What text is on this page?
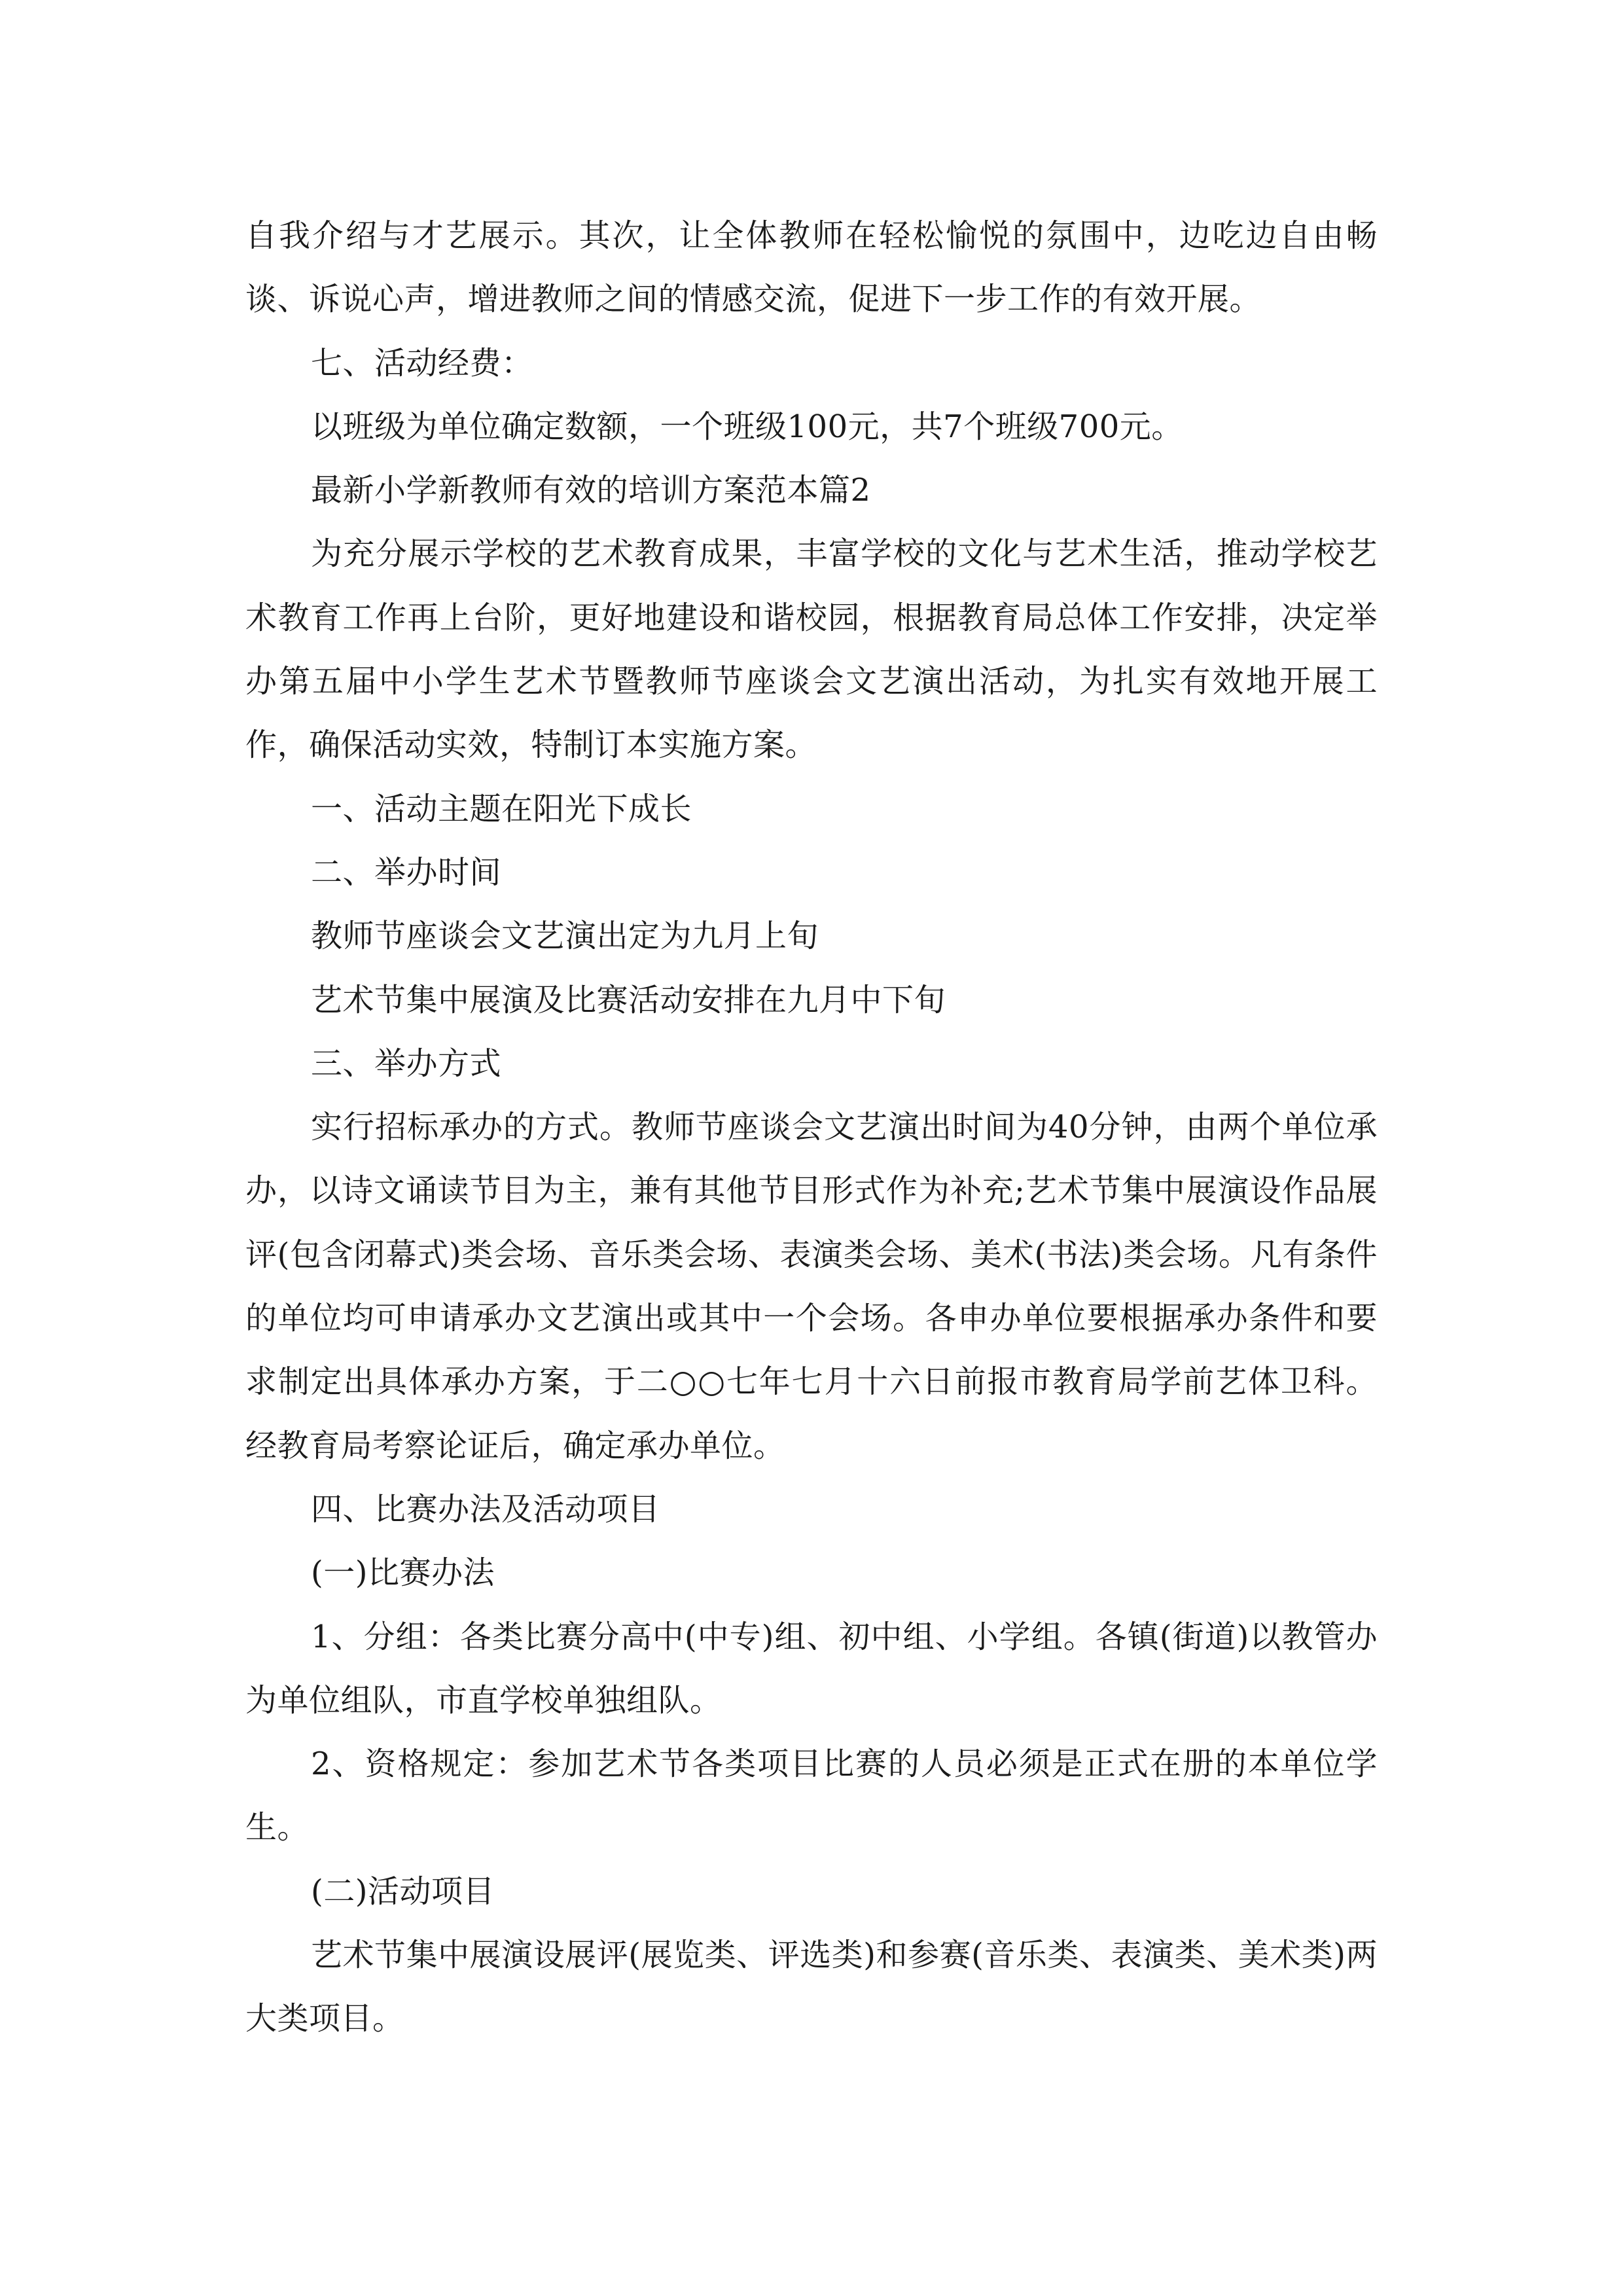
自我介绍与才艺展示。其次，让全体教师在轻松愉悦的氛围中，边吃边自由畅谈、诉说心声，增进教师之间的情感交流，促进下一步工作的有效开展。

七、活动经费：

以班级为单位确定数额，一个班级100元，共7个班级700元。

最新小学新教师有效的培训方案范本篇2

为充分展示学校的艺术教育成果，丰富学校的文化与艺术生活，推动学校艺术教育工作再上台阶，更好地建设和谐校园，根据教育局总体工作安排，决定举办第五届中小学生艺术节暨教师节座谈会文艺演出活动，为扎实有效地开展工作，确保活动实效，特制订本实施方案。

一、活动主题在阳光下成长

二、举办时间

教师节座谈会文艺演出定为九月上旬

艺术节集中展演及比赛活动安排在九月中下旬

三、举办方式

实行招标承办的方式。教师节座谈会文艺演出时间为40分钟，由两个单位承办，以诗文诵读节目为主，兼有其他节目形式作为补充;艺术节集中展演设作品展评(包含闭幕式)类会场、音乐类会场、表演类会场、美术(书法)类会场。凡有条件的单位均可申请承办文艺演出或其中一个会场。各申办单位要根据承办条件和要求制定出具体承办方案，于二○○七年七月十六日前报市教育局学前艺体卫科。经教育局考察论证后，确定承办单位。

四、比赛办法及活动项目

(一)比赛办法

1、分组：各类比赛分高中(中专)组、初中组、小学组。各镇(街道)以教管办为单位组队，市直学校单独组队。

2、资格规定：参加艺术节各类项目比赛的人员必须是正式在册的本单位学生。

(二)活动项目

艺术节集中展演设展评(展览类、评选类)和参赛(音乐类、表演类、美术类)两大类项目。
